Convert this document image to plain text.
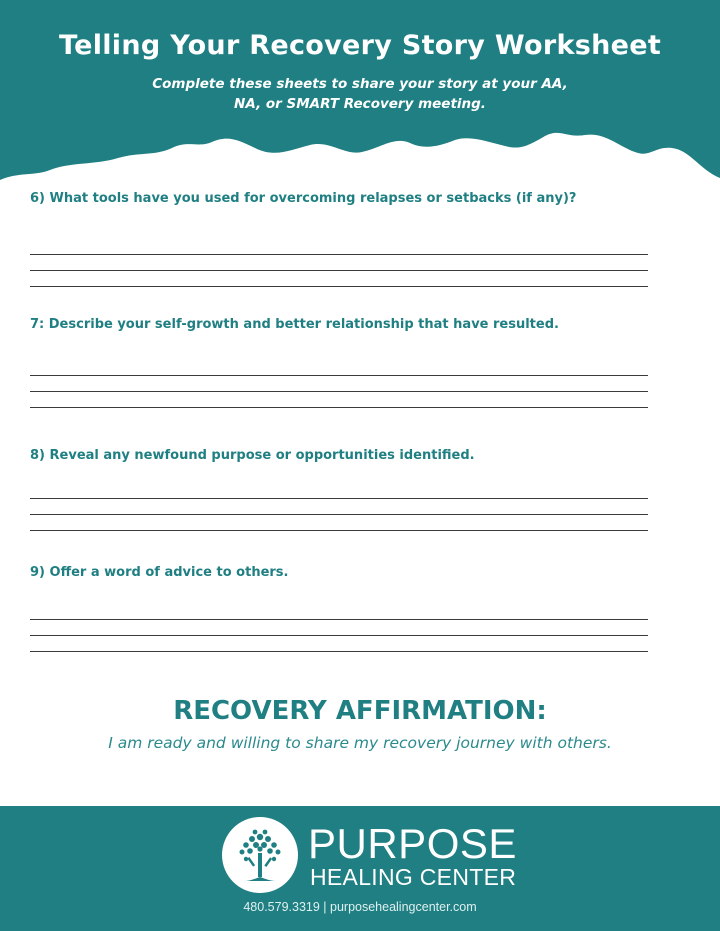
Telling Your Recovery Story Worksheet
Complete these sheets to share your story at your AA,
NA, or SMART Recovery meeting.
6) What tools have you used for overcoming relapses or setbacks (if any)?
7: Describe your self-growth and better relationship that have resulted.
8) Reveal any newfound purpose or opportunities identified.
9) Offer a word of advice to others.
RECOVERY AFFIRMATION:
I am ready and willing to share my recovery journey with others.
PURPOSE
HEALING CENTER
480.579.3319 | purposehealingcenter.com
